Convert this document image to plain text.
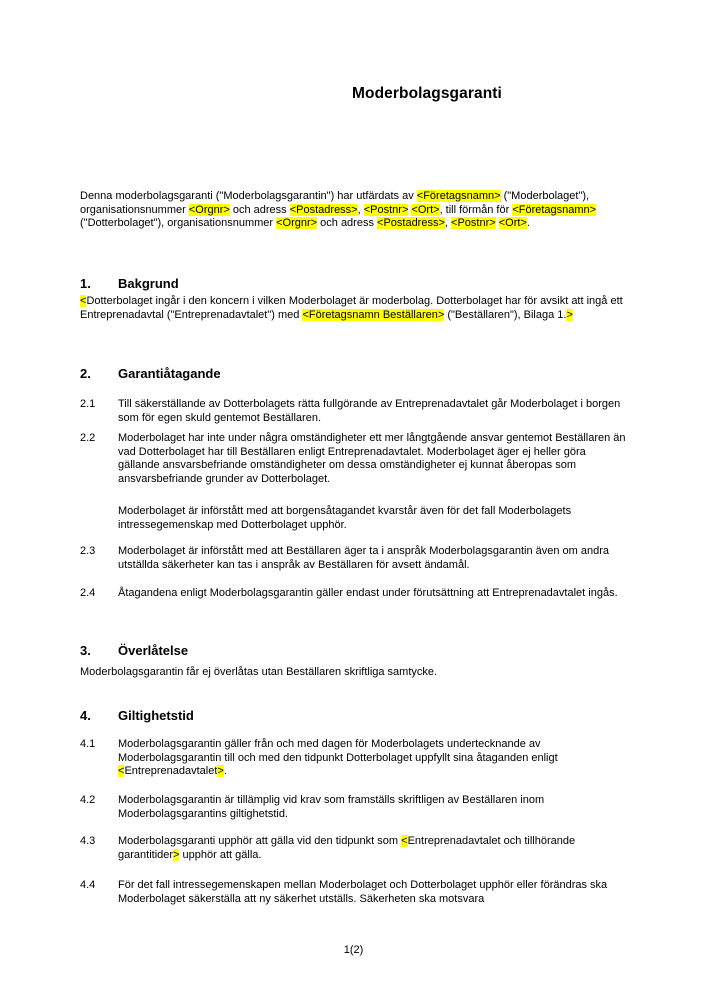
Moderbolagsgaranti

Denna moderbolagsgaranti ("Moderbolagsgarantin") har utfärdats av <Företagsnamn> ("Moderbolaget"), organisationsnummer <Orgnr> och adress <Postadress>, <Postnr> <Ort>, till förmån för <Företagsnamn> ("Dotterbolaget"), organisationsnummer <Orgnr> och adress <Postadress>, <Postnr> <Ort>.

1.	Bakgrund

<Dotterbolaget ingår i den koncern i vilken Moderbolaget är moderbolag. Dotterbolaget har för avsikt att ingå ett Entreprenadavtal ("Entreprenadavtalet") med <Företagsnamn Beställaren> ("Beställaren"), Bilaga 1.>

2.	Garantiåtagande
2.1	Till säkerställande av Dotterbolagets rätta fullgörande av Entreprenadavtalet går Moderbolaget i borgen som för egen skuld gentemot Beställaren.
2.2	Moderbolaget har inte under några omständigheter ett mer långtgående ansvar gentemot Beställaren än vad Dotterbolaget har till Beställaren enligt Entreprenadavtalet. Moderbolaget äger ej heller göra gällande ansvarsbefriande omständigheter om dessa omständigheter ej kunnat åberopas som ansvarsbefriande grunder av Dotterbolaget.

Moderbolaget är införstått med att borgensåtagandet kvarstår även för det fall Moderbolagets intressegemenskap med Dotterbolaget upphör.

2.3	Moderbolaget är införstått med att Beställaren äger ta i anspråk Moderbolagsgarantin även om andra utställda säkerheter kan tas i anspråk av Beställaren för avsett ändamål.
2.4	Åtagandena enligt Moderbolagsgarantin gäller endast under förutsättning att Entreprenadavtalet ingås.
3.	Överlåtelse

Moderbolagsgarantin får ej överlåtas utan Beställaren skriftliga samtycke.

4.	Giltighetstid
4.1	Moderbolagsgarantin gäller från och med dagen för Moderbolagets undertecknande av Moderbolagsgarantin till och med den tidpunkt Dotterbolaget uppfyllt sina åtaganden enligt <Entreprenadavtalet>.
4.2	Moderbolagsgarantin är tillämplig vid krav som framställs skriftligen av Beställaren inom Moderbolagsgarantins giltighetstid.
4.3	Moderbolagsgaranti upphör att gälla vid den tidpunkt som <Entreprenadavtalet och tillhörande garantitider> upphör att gälla.
4.4	För det fall intressegemenskapen mellan Moderbolaget och Dotterbolaget upphör eller förändras ska Moderbolaget säkerställa att ny säkerhet utställs. Säkerheten ska motsvara
1(2)
